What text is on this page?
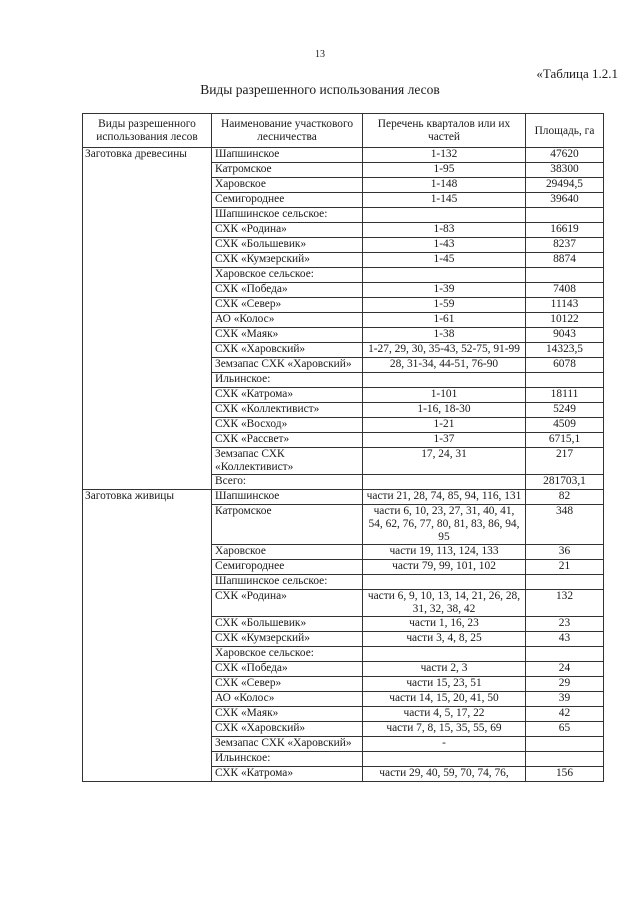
13
«Таблица 1.2.1
Виды разрешенного использования лесов
Виды разрешенного использования лесов	Наименование участкового лесничества	Перечень кварталов или их частей	Площадь, га
Заготовка древесины	Шапшинское	1-132	47620
	Катромское	1-95	38300
	Харовское	1-148	29494,5
	Семигороднее	1-145	39640
	Шапшинское сельское:		
	СХК «Родина»	1-83	16619
	СХК «Большевик»	1-43	8237
	СХК «Кумзерский»	1-45	8874
	Харовское сельское:		
	СХК «Победа»	1-39	7408
	СХК «Север»	1-59	11143
	АО «Колос»	1-61	10122
	СХК «Маяк»	1-38	9043
	СХК «Харовский»	1-27, 29, 30, 35-43, 52-75, 91-99	14323,5
	Земзапас СХК «Харовский»	28, 31-34, 44-51, 76-90	6078
	Ильинское:		
	СХК «Катрома»	1-101	18111
	СХК «Коллективист»	1-16, 18-30	5249
	СХК «Восход»	1-21	4509
	СХК «Рассвет»	1-37	6715,1
	Земзапас СХК «Коллективист»	17, 24, 31	217
	Всего:		281703,1
Заготовка живицы	Шапшинское	части 21, 28, 74, 85, 94, 116, 131	82
	Катромское	части 6, 10, 23, 27, 31, 40, 41, 54, 62, 76, 77, 80, 81, 83, 86, 94, 95	348
	Харовское	части 19, 113, 124, 133	36
	Семигороднее	части 79, 99, 101, 102	21
	Шапшинское сельское:		
	СХК «Родина»	части 6, 9, 10, 13, 14, 21, 26, 28, 31, 32, 38, 42	132
	СХК «Большевик»	части 1, 16, 23	23
	СХК «Кумзерский»	части 3, 4, 8, 25	43
	Харовское сельское:		
	СХК «Победа»	части 2, 3	24
	СХК «Север»	части 15, 23, 51	29
	АО «Колос»	части 14, 15, 20, 41, 50	39
	СХК «Маяк»	части 4, 5, 17, 22	42
	СХК «Харовский»	части 7, 8, 15, 35, 55, 69	65
	Земзапас СХК «Харовский»	-	
	Ильинское:		
	СХК «Катрома»	части 29, 40, 59, 70, 74, 76,	156
